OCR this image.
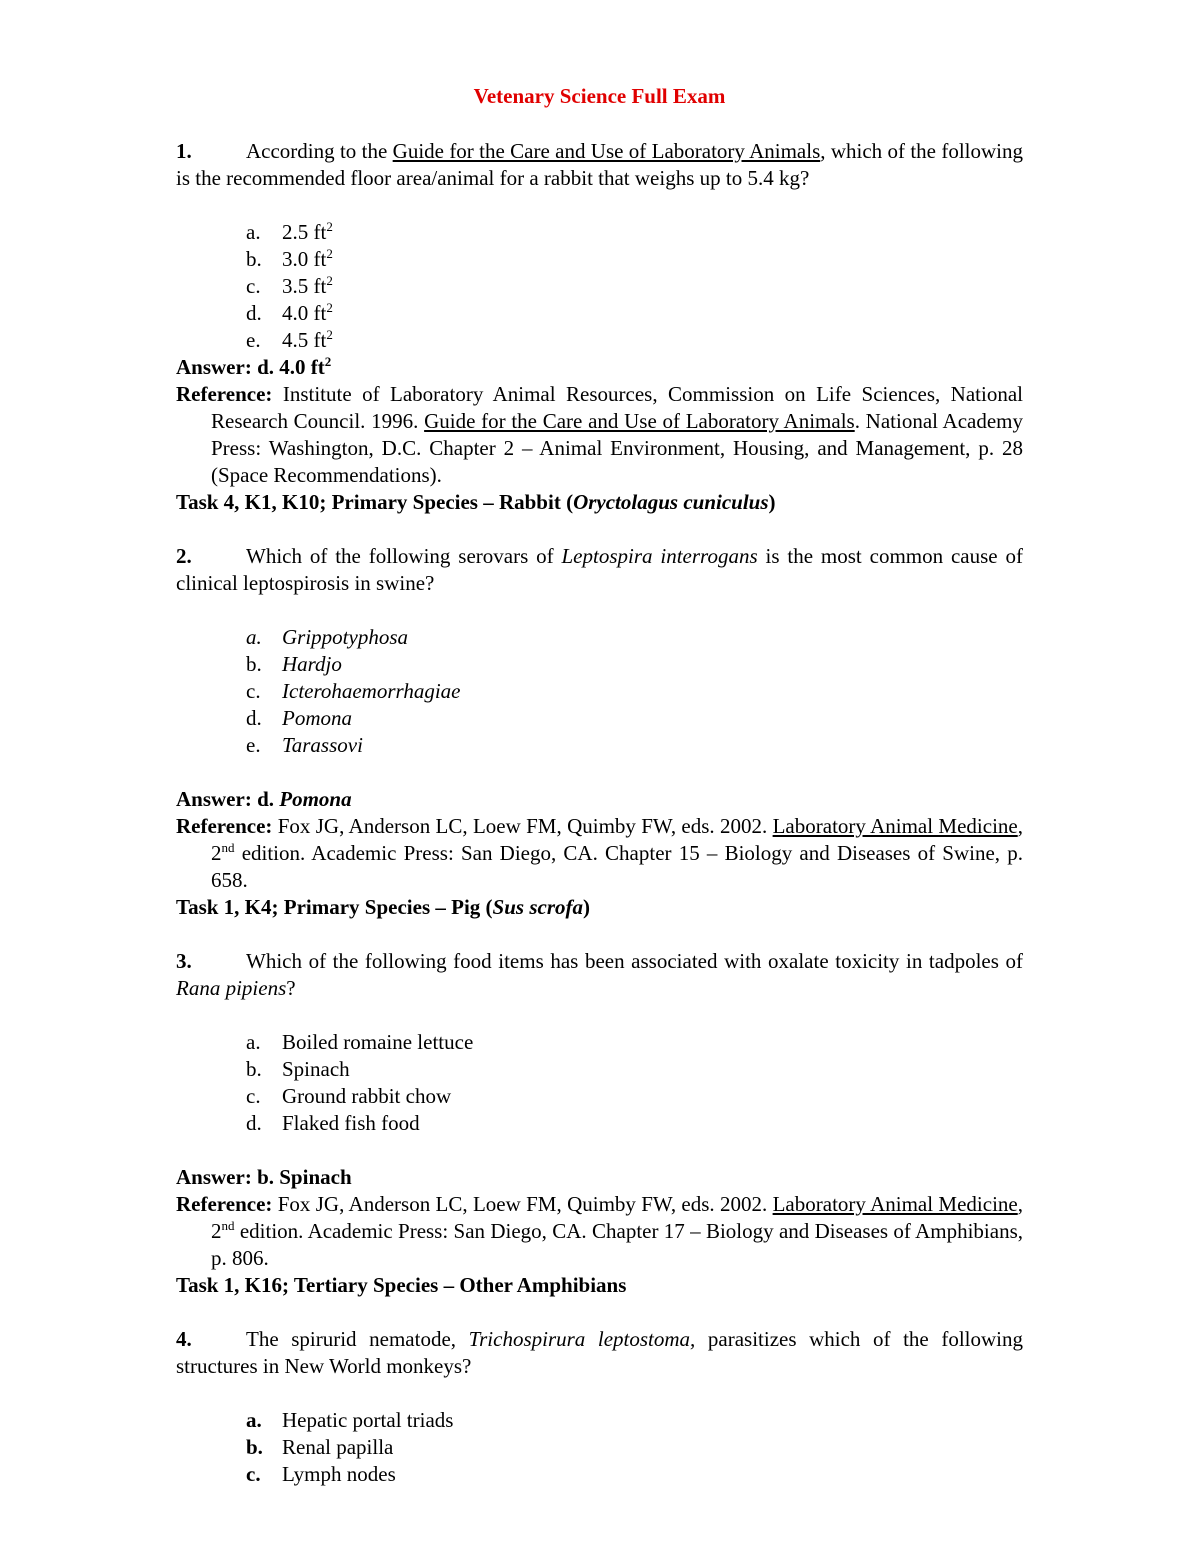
Vetenary Science Full Exam
1.	According to the Guide for the Care and Use of Laboratory Animals, which of the following is the recommended floor area/animal for a rabbit that weighs up to 5.4 kg?
a. 2.5 $ft^2$
b. 3.0 $ft^2$
c. 3.5 $ft^2$
d. 4.0 $ft^2$
e. 4.5 $ft^2$
Answer: d. 4.0 $ft^2$
Reference: Institute of Laboratory Animal Resources, Commission on Life Sciences, National Research Council. 1996. Guide for the Care and Use of Laboratory Animals. National Academy Press: Washington, D.C. Chapter 2 – Animal Environment, Housing, and Management, p. 28 (Space Recommendations).
Task 4, K1, K10; Primary Species – Rabbit (Oryctolagus cuniculus)
2.	Which of the following serovars of Leptospira interrogans is the most common cause of clinical leptospirosis in swine?
a. Grippotyphosa
b. Hardjo
c. Icterohaemorrhagiae
d. Pomona
e. Tarassovi
Answer: d. Pomona
Reference: Fox JG, Anderson LC, Loew FM, Quimby FW, eds. 2002. Laboratory Animal Medicine, 2nd edition. Academic Press: San Diego, CA. Chapter 15 – Biology and Diseases of Swine, p. 658.
Task 1, K4; Primary Species – Pig (Sus scrofa)
3.	Which of the following food items has been associated with oxalate toxicity in tadpoles of Rana pipiens?
a. Boiled romaine lettuce
b. Spinach
c. Ground rabbit chow
d. Flaked fish food
Answer: b. Spinach
Reference: Fox JG, Anderson LC, Loew FM, Quimby FW, eds. 2002. Laboratory Animal Medicine, 2nd edition. Academic Press: San Diego, CA. Chapter 17 – Biology and Diseases of Amphibians, p. 806.
Task 1, K16; Tertiary Species – Other Amphibians
4.	The spirurid nematode, Trichospirura leptostoma, parasitizes which of the following structures in New World monkeys?
a. Hepatic portal triads
b. Renal papilla
c. Lymph nodes
